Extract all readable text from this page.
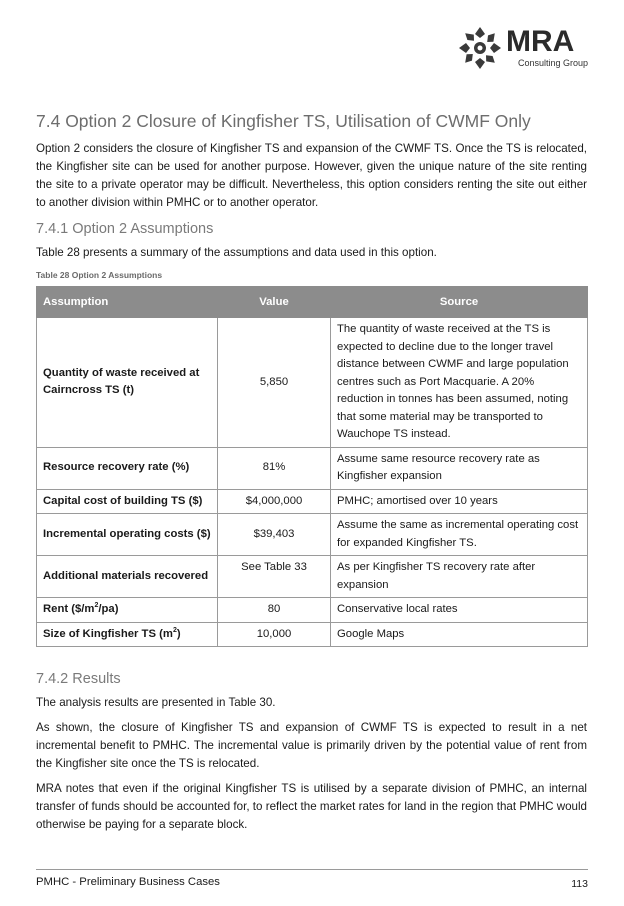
MRA
Consulting Group
7.4 Option 2 Closure of Kingfisher TS, Utilisation of CWMF Only

Option 2 considers the closure of Kingfisher TS and expansion of the CWMF TS. Once the TS is relocated, the Kingfisher site can be used for another purpose. However, given the unique nature of the site renting the site to a private operator may be difficult. Nevertheless, this option considers renting the site out either to another division within PMHC or to another operator.

7.4.1 Option 2 Assumptions

Table 28 presents a summary of the assumptions and data used in this option.

Table 28 Option 2 Assumptions
Assumption	Value	Source
Quantity of waste received at Cairncross TS (t)	5,850	The quantity of waste received at the TS is expected to decline due to the longer travel distance between CWMF and large population centres such as Port Macquarie. A 20% reduction in tonnes has been assumed, noting that some material may be transported to Wauchope TS instead.
Resource recovery rate (%)	81%	Assume same resource recovery rate as Kingfisher expansion
Capital cost of building TS ($)	$4,000,000	PMHC; amortised over 10 years
Incremental operating costs ($)	$39,403	Assume the same as incremental operating cost for expanded Kingfisher TS.
Additional materials recovered	See Table 33	As per Kingfisher TS recovery rate after expansion
Rent $(\$/m^2/pa)$	80	Conservative local rates
Size of Kingfisher TS $(m^2)$	10,000	Google Maps
7.4.2 Results

The analysis results are presented in Table 30.

As shown, the closure of Kingfisher TS and expansion of CWMF TS is expected to result in a net incremental benefit to PMHC. The incremental value is primarily driven by the potential value of rent from the Kingfisher site once the TS is relocated.

MRA notes that even if the original Kingfisher TS is utilised by a separate division of PMHC, an internal transfer of funds should be accounted for, to reflect the market rates for land in the region that PMHC would otherwise be paying for a separate block.

PMHC - Preliminary Business Cases	113
